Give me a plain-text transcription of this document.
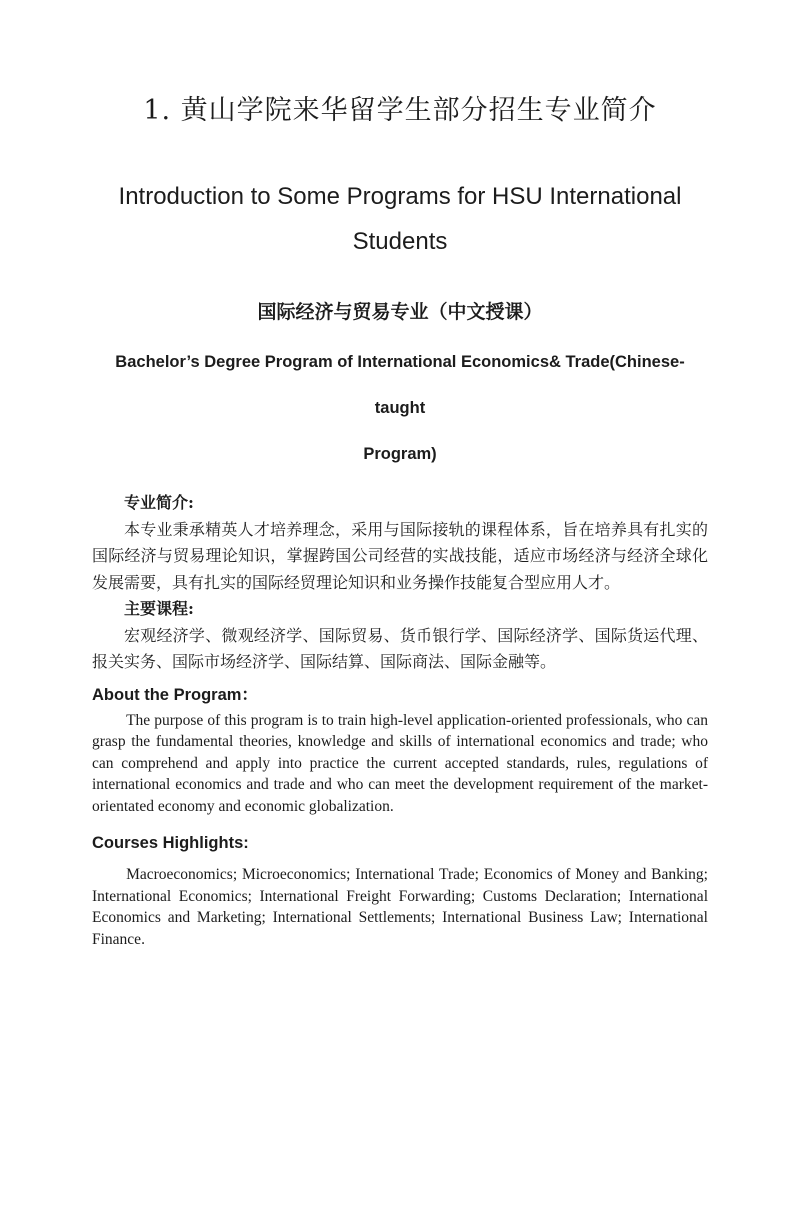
1. 黄山学院来华留学生部分招生专业简介
Introduction to Some Programs for HSU International
Students
国际经济与贸易专业（中文授课）
Bachelor’s Degree Program of International Economics& Trade(Chinese-taught
Program)

专业简介:

本专业秉承精英人才培养理念，采用与国际接轨的课程体系，旨在培养具有扎实的国际经济与贸易理论知识，掌握跨国公司经营的实战技能，适应市场经济与经济全球化发展需要，具有扎实的国际经贸理论知识和业务操作技能复合型应用人才。

主要课程:

宏观经济学、微观经济学、国际贸易、货币银行学、国际经济学、国际货运代理、报关实务、国际市场经济学、国际结算、国际商法、国际金融等。

About the Program：

The purpose of this program is to train high-level application-oriented professionals, who can grasp the fundamental theories, knowledge and skills of international economics and trade; who can comprehend and apply into practice the current accepted standards, rules, regulations of international economics and trade and who can meet the development requirement of the market-orientated economy and economic globalization.

Courses Highlights:

Macroeconomics; Microeconomics; International Trade; Economics of Money and Banking; International Economics; International Freight Forwarding; Customs Declaration; International Economics and Marketing; International Settlements; International Business Law; International Finance.
